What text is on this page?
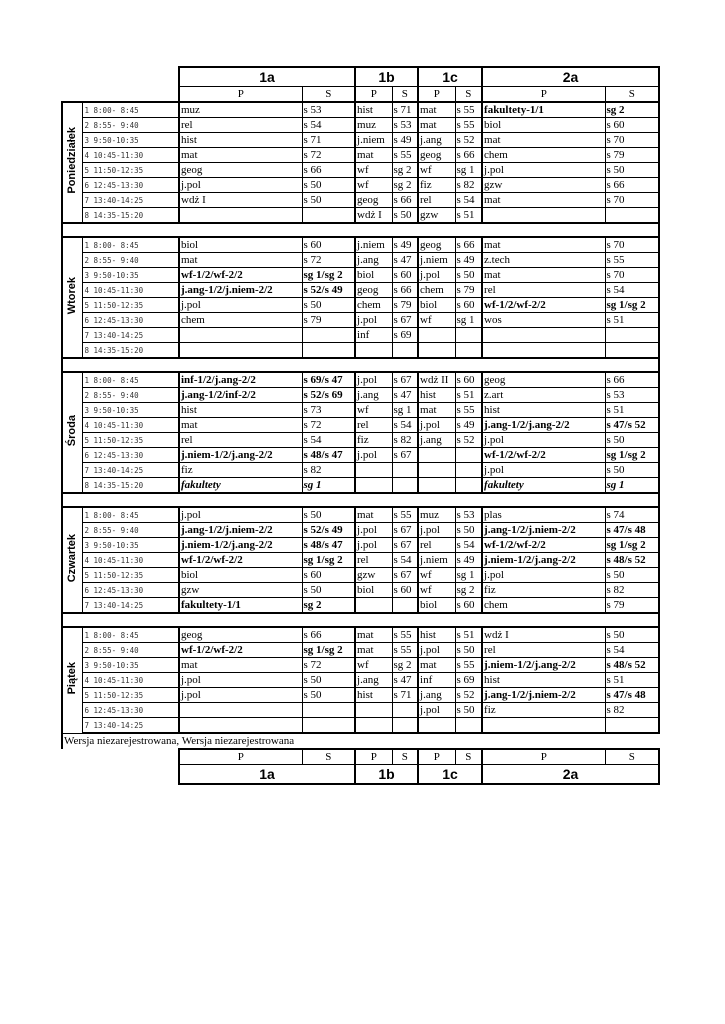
		1a		1b		1c		2a	
		P	S	P	S	P	S	P	S
Poniedziałek	1 8:00- 8:45	muz	s 53	hist	s 71	mat	s 55	fakultety-1/1	sg 2
	2 8:55- 9:40	rel	s 54	muz	s 53	mat	s 55	biol	s 60
	3 9:50-10:35	hist	s 71	j.niem	s 49	j.ang	s 52	mat	s 70
	4 10:45-11:30	mat	s 72	mat	s 55	geog	s 66	chem	s 79
	5 11:50-12:35	geog	s 66	wf	sg 2	wf	sg 1	j.pol	s 50
	6 12:45-13:30	j.pol	s 50	wf	sg 2	fiz	s 82	gzw	s 66
	7 13:40-14:25	wdż I	s 50	geog	s 66	rel	s 54	mat	s 70
	8 14:35-15:20			wdż I	s 50	gzw	s 51		

Wtorek	1 8:00- 8:45	biol	s 60	j.niem	s 49	geog	s 66	mat	s 70
	2 8:55- 9:40	mat	s 72	j.ang	s 47	j.niem	s 49	z.tech	s 55
	3 9:50-10:35	wf-1/2/wf-2/2	sg 1/sg 2	biol	s 60	j.pol	s 50	mat	s 70
	4 10:45-11:30	j.ang-1/2/j.niem-2/2	s 52/s 49	geog	s 66	chem	s 79	rel	s 54
	5 11:50-12:35	j.pol	s 50	chem	s 79	biol	s 60	wf-1/2/wf-2/2	sg 1/sg 2
	6 12:45-13:30	chem	s 79	j.pol	s 67	wf	sg 1	wos	s 51
	7 13:40-14:25			inf	s 69				
	8 14:35-15:20								

Środa	1 8:00- 8:45	inf-1/2/j.ang-2/2	s 69/s 47	j.pol	s 67	wdż II	s 60	geog	s 66
	2 8:55- 9:40	j.ang-1/2/inf-2/2	s 52/s 69	j.ang	s 47	hist	s 51	z.art	s 53
	3 9:50-10:35	hist	s 73	wf	sg 1	mat	s 55	hist	s 51
	4 10:45-11:30	mat	s 72	rel	s 54	j.pol	s 49	j.ang-1/2/j.ang-2/2	s 47/s 52
	5 11:50-12:35	rel	s 54	fiz	s 82	j.ang	s 52	j.pol	s 50
	6 12:45-13:30	j.niem-1/2/j.ang-2/2	s 48/s 47	j.pol	s 67			wf-1/2/wf-2/2	sg 1/sg 2
	7 13:40-14:25	fiz	s 82					j.pol	s 50
	8 14:35-15:20	fakultety	sg 1					fakultety	sg 1

Czwartek	1 8:00- 8:45	j.pol	s 50	mat	s 55	muz	s 53	plas	s 74
	2 8:55- 9:40	j.ang-1/2/j.niem-2/2	s 52/s 49	j.pol	s 67	j.pol	s 50	j.ang-1/2/j.niem-2/2	s 47/s 48
	3 9:50-10:35	j.niem-1/2/j.ang-2/2	s 48/s 47	j.pol	s 67	rel	s 54	wf-1/2/wf-2/2	sg 1/sg 2
	4 10:45-11:30	wf-1/2/wf-2/2	sg 1/sg 2	rel	s 54	j.niem	s 49	j.niem-1/2/j.ang-2/2	s 48/s 52
	5 11:50-12:35	biol	s 60	gzw	s 67	wf	sg 1	j.pol	s 50
	6 12:45-13:30	gzw	s 50	biol	s 60	wf	sg 2	fiz	s 82
	7 13:40-14:25	fakultety-1/1	sg 2			biol	s 60	chem	s 79

Piątek	1 8:00- 8:45	geog	s 66	mat	s 55	hist	s 51	wdż I	s 50
	2 8:55- 9:40	wf-1/2/wf-2/2	sg 1/sg 2	mat	s 55	j.pol	s 50	rel	s 54
	3 9:50-10:35	mat	s 72	wf	sg 2	mat	s 55	j.niem-1/2/j.ang-2/2	s 48/s 52
	4 10:45-11:30	j.pol	s 50	j.ang	s 47	inf	s 69	hist	s 51
	5 11:50-12:35	j.pol	s 50	hist	s 71	j.ang	s 52	j.ang-1/2/j.niem-2/2	s 47/s 48
	6 12:45-13:30					j.pol	s 50	fiz	s 82
	7 13:40-14:25								
Wersja niezarejestrowana, Wersja niezarejestrowana									
		P	S	P	S	P	S	P	S
		1a		1b		1c		2a	
